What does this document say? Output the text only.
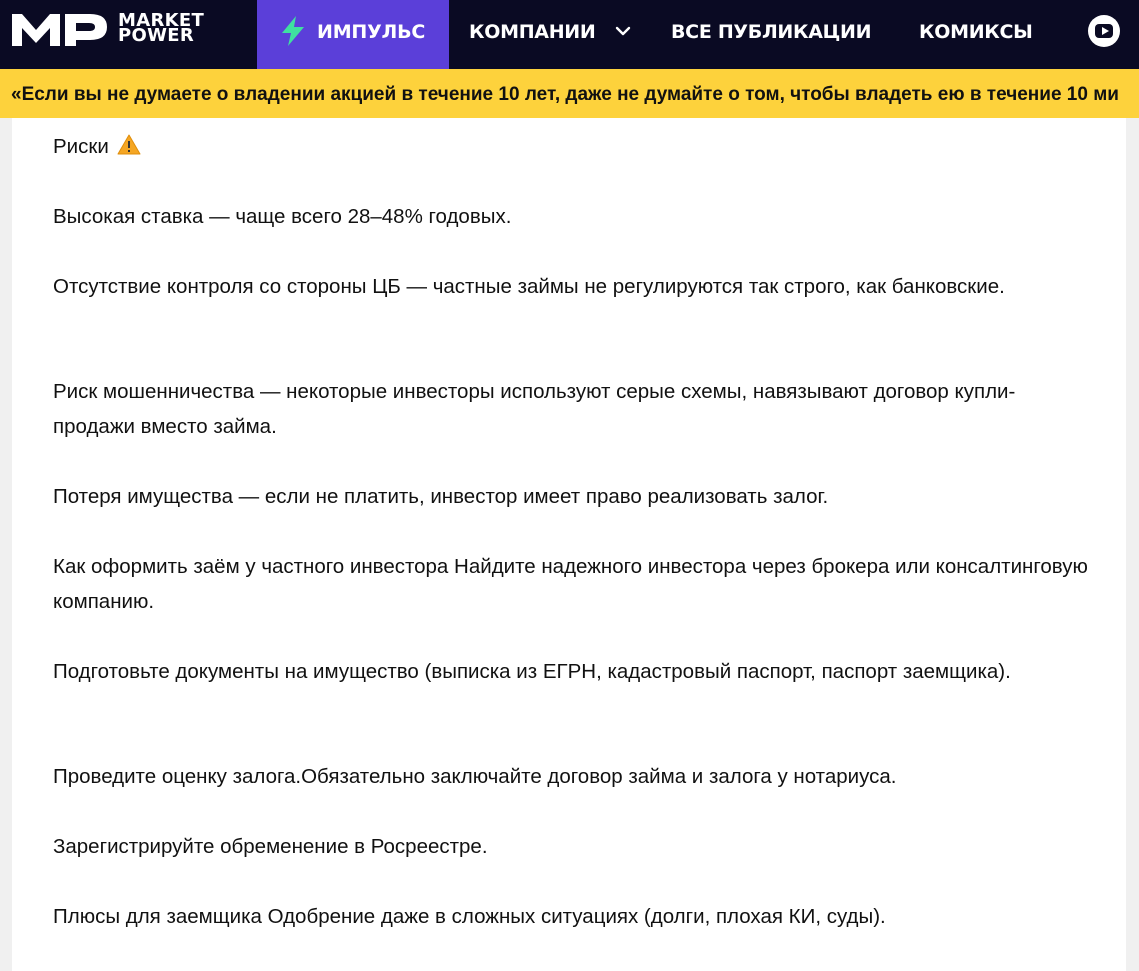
MARKET
POWER	ИМПУЛЬС КОМПАНИИ	ВСЕ ПУБЛИКАЦИИ	КОМИКСЫ
«Если вы не думаете о владении акцией в течение 10 лет, даже не думайте о том, чтобы владеть ею в течение 10 ми
Риски
Высокая ставка — чаще всего 28–48% годовых.
Отсутствие контроля со стороны ЦБ — частные займы не регулируются так строго, как банковские.
Риск мошенничества — некоторые инвесторы используют серые схемы, навязывают договор купли-продажи вместо займа.
Потеря имущества — если не платить, инвестор имеет право реализовать залог.
Как оформить заём у частного инвестора Найдите надежного инвестора через брокера или консалтинговую компанию.
Подготовьте документы на имущество (выписка из ЕГРН, кадастровый паспорт, паспорт заемщика).
Проведите оценку залога.Обязательно заключайте договор займа и залога у нотариуса.
Зарегистрируйте обременение в Росреестре.
Плюсы для заемщика Одобрение даже в сложных ситуациях (долги, плохая КИ, суды).
